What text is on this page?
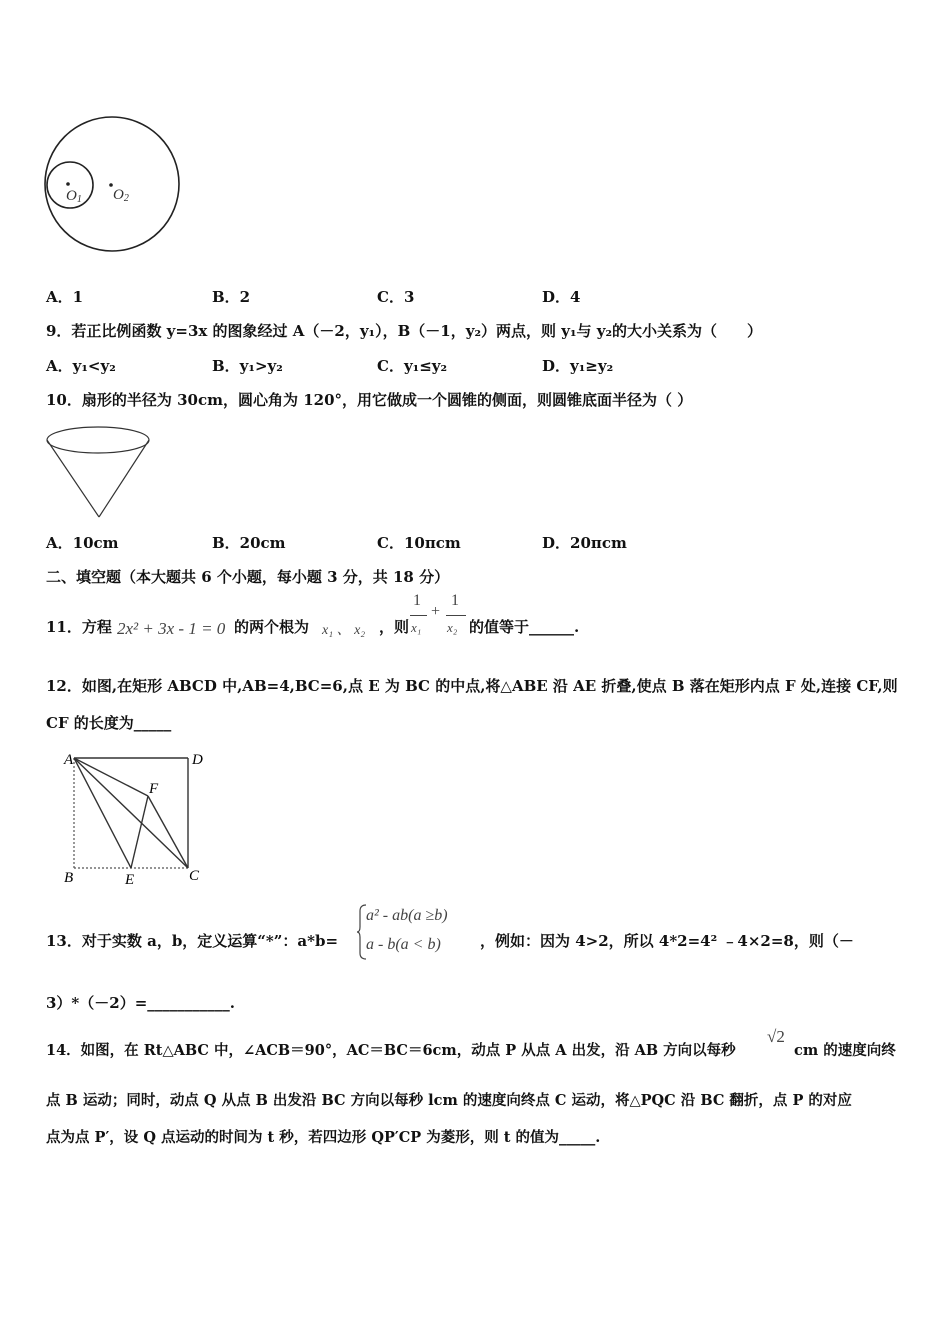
O1 O2
A．1	B．2	C．3	D．4
9．若正比例函数 y=3x 的图象经过 A（－2，y₁），B（－1，y₂）两点，则 y₁与 y₂的大小关系为（　　）
A．y₁<y₂	B．y₁>y₂	C．y₁≤y₂	D．y₁≥y₂
10．扇形的半径为 30cm，圆心角为 120°，用它做成一个圆锥的侧面，则圆锥底面半径为（ ）
A．10cm	B．20cm	C．10πcm	D．20πcm
二、填空题（本大题共 6 个小题，每小题 3 分，共 18 分）
11．方程 2x² + 3x - 1 = 0 的两个根为 x₁ 、 x₂ ，则
1
x₁
+
1
x₂ 的值等于______.
12．如图,在矩形 ABCD 中,AB=4,BC=6,点 E 为 BC 的中点,将△ABE 沿 AE 折叠,使点 B 落在矩形内点 F 处,连接 CF,则
CF 的长度为_____
A	D
F
B	E	C
13．对于实数 a，b，定义运算“*”：a*b=
a² - ab(a ≥b)
a - b(a < b)	，例如：因为 4>2，所以 4*2=4² ﹣4×2=8，则（－
3）*（－2）=___________.
14．如图，在 Rt△ABC 中，∠ACB＝90°，AC＝BC＝6cm，动点 P 从点 A 出发，沿 AB 方向以每秒
√2
cm 的速度向终
点 B 运动；同时，动点 Q 从点 B 出发沿 BC 方向以每秒 lcm 的速度向终点 C 运动，将△PQC 沿 BC 翻折，点 P 的对应
点为点 P′，设 Q 点运动的时间为 t 秒，若四边形 QP′CP 为菱形，则 t 的值为_____.
